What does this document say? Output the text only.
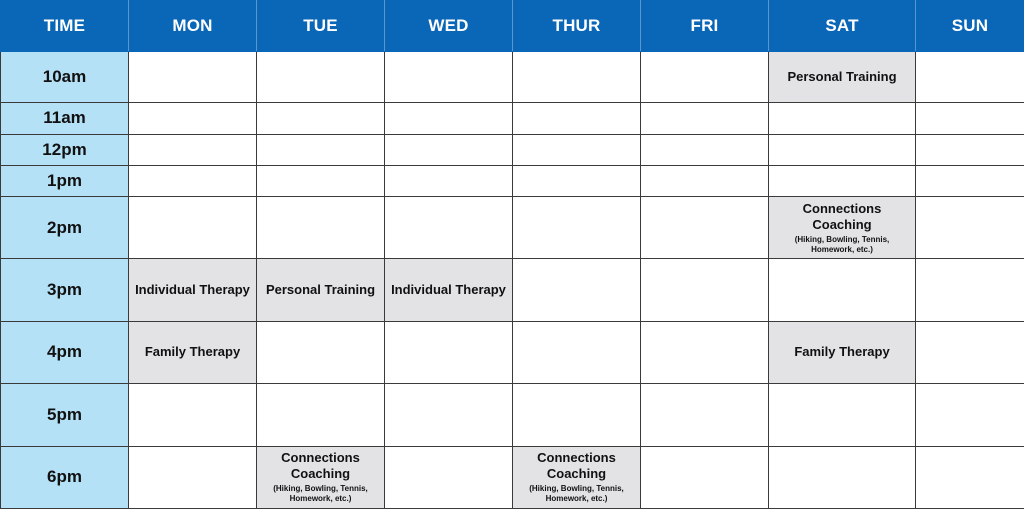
TIME	MON	TUE	WED	THUR	FRI	SAT	SUN
10am						Personal Training	

11am							
12pm							
1pm							
2pm						Connections Coaching
(Hiking, Bowling, Tennis, Homework, etc.)	

3pm	Individual Therapy	Personal Training	Individual Therapy				

4pm	Family Therapy					Family Therapy	

5pm							
6pm		Connections Coaching
(Hiking, Bowling, Tennis, Homework, etc.)		Connections Coaching
(Hiking, Bowling, Tennis, Homework, etc.)			
